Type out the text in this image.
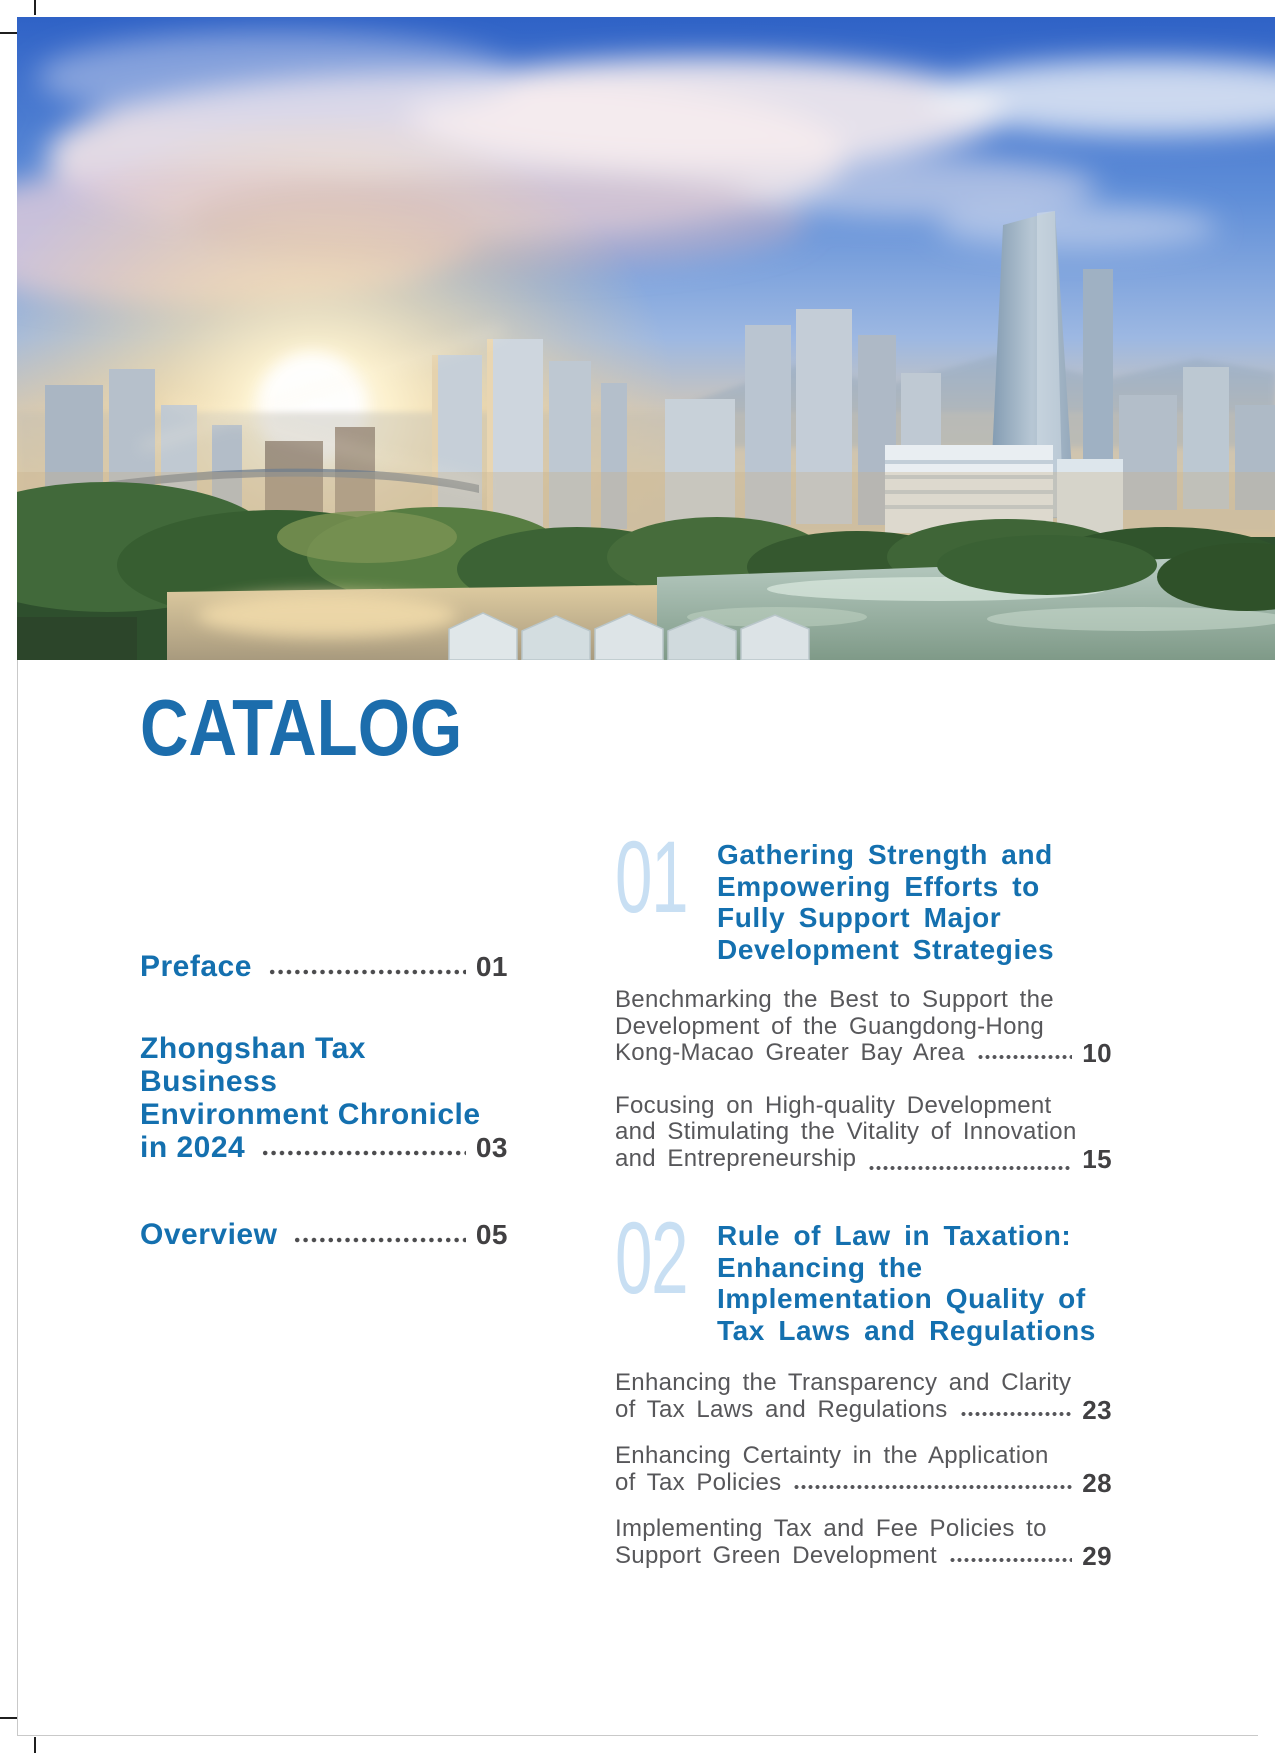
CATALOG
Preface	01
Zhongshan Tax Business
Environment Chronicle
in 2024	03
Overview	05
01	Gathering Strength and
Empowering Efforts to
Fully Support Major
Development Strategies
Benchmarking the Best to Support the
Development of the Guangdong-Hong
Kong-Macao Greater Bay Area	10
Focusing on High-quality Development
and Stimulating the Vitality of Innovation
and Entrepreneurship	15
02	Rule of Law in Taxation:
Enhancing the
Implementation Quality of
Tax Laws and Regulations
Enhancing the Transparency and Clarity
of Tax Laws and Regulations	23
Enhancing Certainty in the Application
of Tax Policies	28
Implementing Tax and Fee Policies to
Support Green Development	29
